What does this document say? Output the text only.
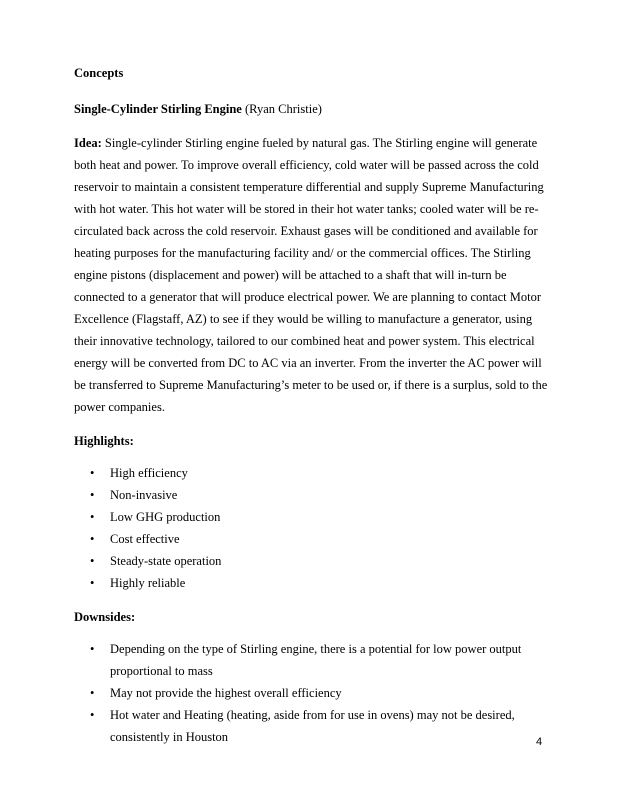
Concepts

Single-Cylinder Stirling Engine (Ryan Christie)

Idea: Single-cylinder Stirling engine fueled by natural gas. The Stirling engine will generate both heat and power. To improve overall efficiency, cold water will be passed across the cold reservoir to maintain a consistent temperature differential and supply Supreme Manufacturing with hot water. This hot water will be stored in their hot water tanks; cooled water will be re-circulated back across the cold reservoir. Exhaust gases will be conditioned and available for heating purposes for the manufacturing facility and/ or the commercial offices. The Stirling engine pistons (displacement and power) will be attached to a shaft that will in-turn be connected to a generator that will produce electrical power. We are planning to contact Motor Excellence (Flagstaff, AZ) to see if they would be willing to manufacture a generator, using their innovative technology, tailored to our combined heat and power system. This electrical energy will be converted from DC to AC via an inverter. From the inverter the AC power will be transferred to Supreme Manufacturing’s meter to be used or, if there is a surplus, sold to the power companies.

Highlights:

• High efficiency
• Non-invasive
• Low GHG production
• Cost effective
• Steady-state operation
• Highly reliable

Downsides:

• Depending on the type of Stirling engine, there is a potential for low power output proportional to mass
• May not provide the highest overall efficiency
• Hot water and Heating (heating, aside from for use in ovens) may not be desired, consistently in Houston	4
